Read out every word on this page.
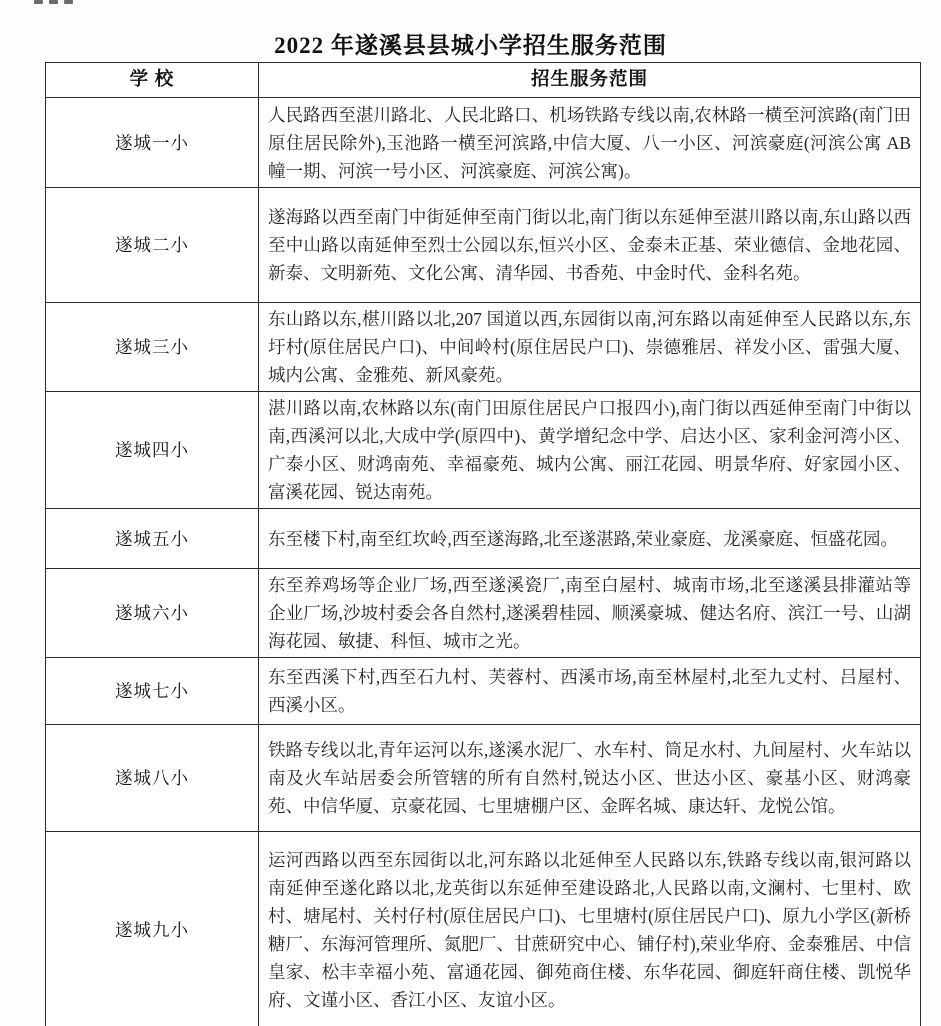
2022 年遂溪县县城小学招生服务范围
学 校	招生服务范围
遂城一小	人民路西至湛川路北、人民北路口、机场铁路专线以南,农林路一横至河滨路(南门田原住居民除外),玉池路一横至河滨路,中信大厦、八一小区、河滨豪庭(河滨公寓 AB 幢一期、河滨一号小区、河滨豪庭、河滨公寓)。
遂城二小	遂海路以西至南门中街延伸至南门街以北,南门街以东延伸至湛川路以南,东山路以西至中山路以南延伸至烈士公园以东,恒兴小区、金泰未正基、荣业德信、金地花园、新泰、文明新苑、文化公寓、清华园、书香苑、中金时代、金科名苑。
遂城三小	东山路以东,椹川路以北,207 国道以西,东园街以南,河东路以南延伸至人民路以东,东圩村(原住居民户口)、中间岭村(原住居民户口)、崇德雅居、祥发小区、雷强大厦、城内公寓、金雅苑、新风豪苑。
遂城四小	湛川路以南,农林路以东(南门田原住居民户口报四小),南门街以西延伸至南门中街以南,西溪河以北,大成中学(原四中)、黄学增纪念中学、启达小区、家利金河湾小区、广泰小区、财鸿南苑、幸福豪苑、城内公寓、丽江花园、明景华府、好家园小区、富溪花园、锐达南苑。
遂城五小	东至楼下村,南至红坎岭,西至遂海路,北至遂湛路,荣业豪庭、龙溪豪庭、恒盛花园。
遂城六小	东至养鸡场等企业厂场,西至遂溪瓷厂,南至白屋村、城南市场,北至遂溪县排灌站等企业厂场,沙坡村委会各自然村,遂溪碧桂园、顺溪豪城、健达名府、滨江一号、山湖海花园、敏捷、科恒、城市之光。
遂城七小	东至西溪下村,西至石九村、芙蓉村、西溪市场,南至林屋村,北至九丈村、吕屋村、西溪小区。
遂城八小	铁路专线以北,青年运河以东,遂溪水泥厂、水车村、筒足水村、九间屋村、火车站以南及火车站居委会所管辖的所有自然村,锐达小区、世达小区、豪基小区、财鸿豪苑、中信华厦、京豪花园、七里塘棚户区、金晖名城、康达轩、龙悦公馆。
遂城九小	运河西路以西至东园街以北,河东路以北延伸至人民路以东,铁路专线以南,银河路以南延伸至遂化路以北,龙英街以东延伸至建设路北,人民路以南,文澜村、七里村、欧村、塘尾村、关村仔村(原住居民户口)、七里塘村(原住居民户口)、原九小学区(新桥糖厂、东海河管理所、氮肥厂、甘蔗研究中心、铺仔村),荣业华府、金泰雅居、中信皇家、松丰幸福小苑、富通花园、御苑商住楼、东华花园、御庭轩商住楼、凯悦华府、文谨小区、香江小区、友谊小区。
